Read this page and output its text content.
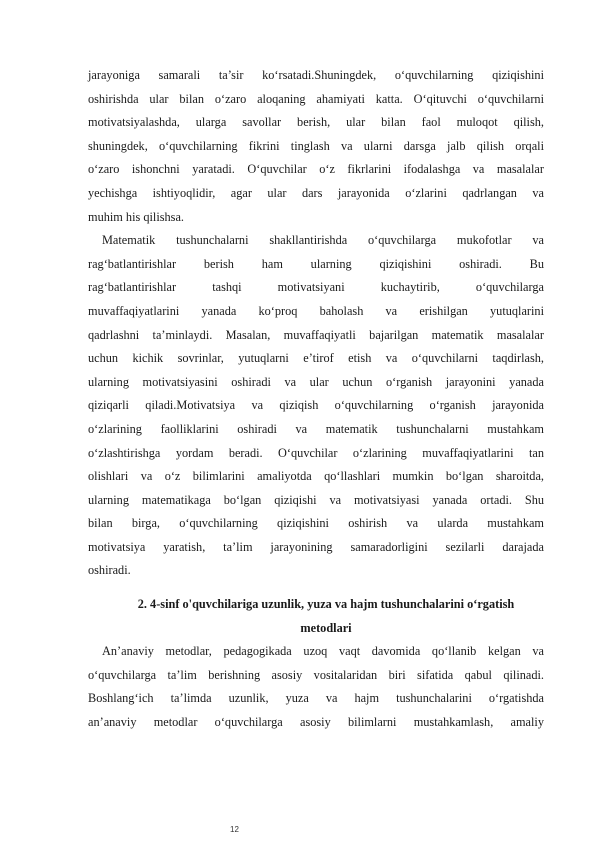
jarayoniga samarali ta’sir ko‘rsatadi.Shuningdek, o‘quvchilarning qiziqishini
oshirishda ular bilan o‘zaro aloqaning ahamiyati katta. O‘qituvchi o‘quvchilarni
motivatsiyalashda, ularga savollar berish, ular bilan faol muloqot qilish,
shuningdek, o‘quvchilarning fikrini tinglash va ularni darsga jalb qilish orqali
o‘zaro ishonchni yaratadi. O‘quvchilar o‘z fikrlarini ifodalashga va masalalar
yechishga ishtiyoqlidir, agar ular dars jarayonida o‘zlarini qadrlangan va
muhim his qilishsa.
Matematik tushunchalarni shakllantirishda o‘quvchilarga mukofotlar va
rag‘batlantirishlar berish ham ularning qiziqishini oshiradi. Bu
rag‘batlantirishlar tashqi motivatsiyani kuchaytirib, o‘quvchilarga
muvaffaqiyatlarini yanada ko‘proq baholash va erishilgan yutuqlarini
qadrlashni ta’minlaydi. Masalan, muvaffaqiyatli bajarilgan matematik masalalar
uchun kichik sovrinlar, yutuqlarni e’tirof etish va o‘quvchilarni taqdirlash,
ularning motivatsiyasini oshiradi va ular uchun o‘rganish jarayonini yanada
qiziqarli qiladi.Motivatsiya va qiziqish o‘quvchilarning o‘rganish jarayonida
o‘zlarining faolliklarini oshiradi va matematik tushunchalarni mustahkam
o‘zlashtirishga yordam beradi. O‘quvchilar o‘zlarining muvaffaqiyatlarini tan
olishlari va o‘z bilimlarini amaliyotda qo‘llashlari mumkin bo‘lgan sharoitda,
ularning matematikaga bo‘lgan qiziqishi va motivatsiyasi yanada ortadi. Shu
bilan birga, o‘quvchilarning qiziqishini oshirish va ularda mustahkam
motivatsiya yaratish, ta’lim jarayonining samaradorligini sezilarli darajada
oshiradi.
2. 4-sinf o'quvchilariga uzunlik, yuza va hajm tushunchalarini o‘rgatish
metodlari
An’anaviy metodlar, pedagogikada uzoq vaqt davomida qo‘llanib kelgan va
o‘quvchilarga ta’lim berishning asosiy vositalaridan biri sifatida qabul qilinadi.
Boshlang‘ich ta’limda uzunlik, yuza va hajm tushunchalarini o‘rgatishda
an’anaviy metodlar o‘quvchilarga asosiy bilimlarni mustahkamlash, amaliy
12
